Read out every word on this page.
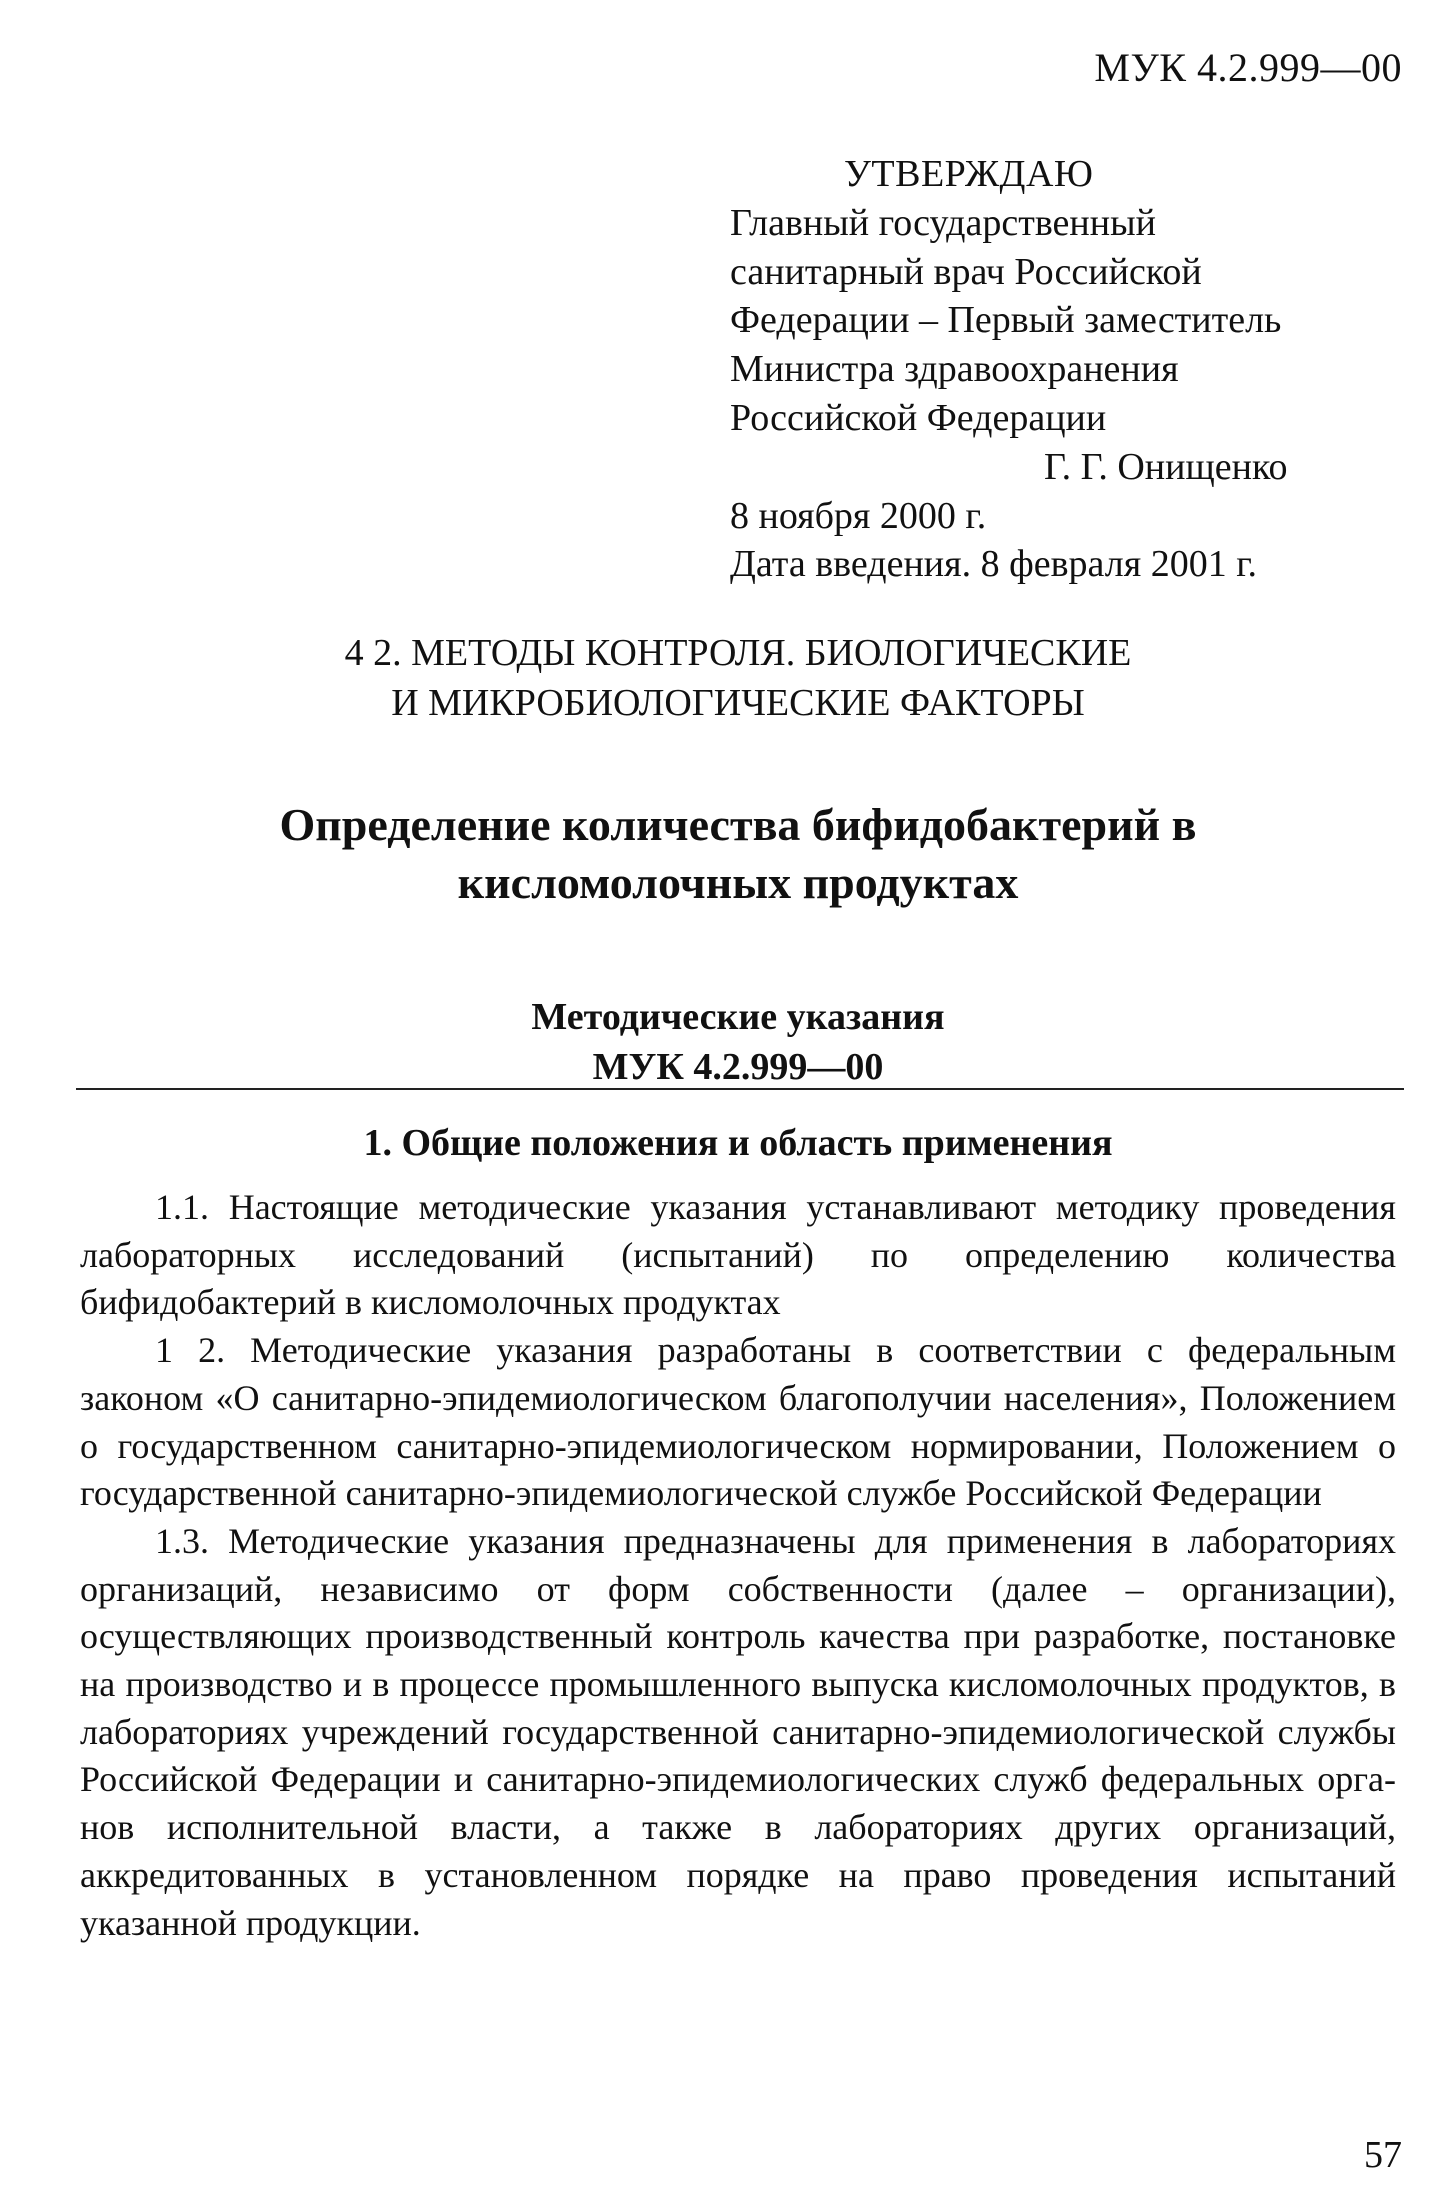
МУК 4.2.999—00
УТВЕРЖДАЮ
Главный государственный
санитарный врач Российской
Федерации – Первый заместитель
Министра здравоохранения
Российской Федерации
Г. Г. Онищенко
8 ноября 2000 г.
Дата введения. 8 февраля 2001 г.
4 2. МЕТОДЫ КОНТРОЛЯ. БИОЛОГИЧЕСКИЕ
И МИКРОБИОЛОГИЧЕСКИЕ ФАКТОРЫ
Определение количества бифидобактерий в
кисломолочных продуктах
Методические указания
МУК 4.2.999—00
1. Общие положения и область применения

1.1. Настоящие методические указания устанавливают методику проведения лабораторных исследований (испытаний) по определению количества бифидобактерий в кисломолочных продуктах

1 2. Методические указания разработаны в соответствии с федеральным законом «О санитарно-эпидемиологическом благополучии населения», Положением о государственном санитарно-эпидемиологическом нормировании, Положением о государственной санитарно-эпидемиологической службе Российской Федерации

1.3. Методические указания предназначены для применения в лабораториях организаций, независимо от форм собственности (далее – организации), осуществляющих производственный контроль качества при разработке, постановке на производство и в процессе промышленного выпуска кисломолочных продуктов, в лабораториях учреждений государственной санитарно-эпидемиологической службы Российской Федерации и санитарно-эпидемиологических служб федеральных органов исполнительной власти, а также в лабораториях других организаций, аккредитованных в установленном порядке на право проведения испытаний указанной продукции.

57
